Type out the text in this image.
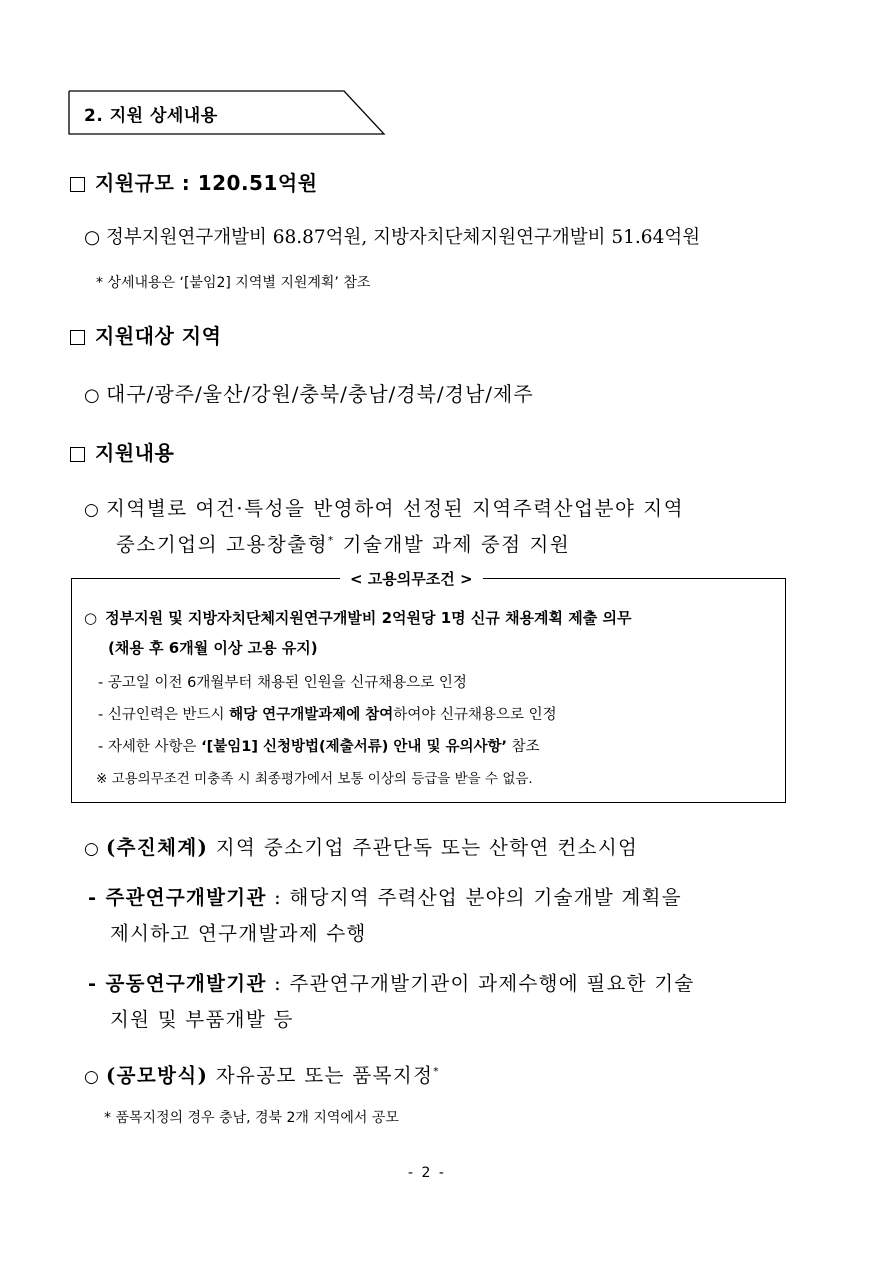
2. 지원 상세내용
지원규모 : 120.51억원
○ 정부지원연구개발비 68.87억원, 지방자치단체지원연구개발비 51.64억원
* 상세내용은 ‘[붙임2] 지역별 지원계획’ 참조
지원대상 지역
○ 대구/광주/울산/강원/충북/충남/경북/경남/제주
지원내용
○ 지역별로 여건·특성을 반영하여 선정된 지역주력산업분야 지역
중소기업의 고용창출형* 기술개발 과제 중점 지원
< 고용의무조건 >
○ 정부지원 및 지방자치단체지원연구개발비 2억원당 1명 신규 채용계획 제출 의무
(채용 후 6개월 이상 고용 유지)
- 공고일 이전 6개월부터 채용된 인원을 신규채용으로 인정
- 신규인력은 반드시 해당 연구개발과제에 참여하여야 신규채용으로 인정
- 자세한 사항은 ‘[붙임1] 신청방법(제출서류) 안내 및 유의사항’ 참조
※ 고용의무조건 미충족 시 최종평가에서 보통 이상의 등급을 받을 수 없음.
○ (추진체계) 지역 중소기업 주관단독 또는 산학연 컨소시엄
- 주관연구개발기관 : 해당지역 주력산업 분야의 기술개발 계획을
제시하고 연구개발과제 수행
- 공동연구개발기관 : 주관연구개발기관이 과제수행에 필요한 기술
지원 및 부품개발 등
○ (공모방식) 자유공모 또는 품목지정*
* 품목지정의 경우 충남, 경북 2개 지역에서 공모
- 2 -
